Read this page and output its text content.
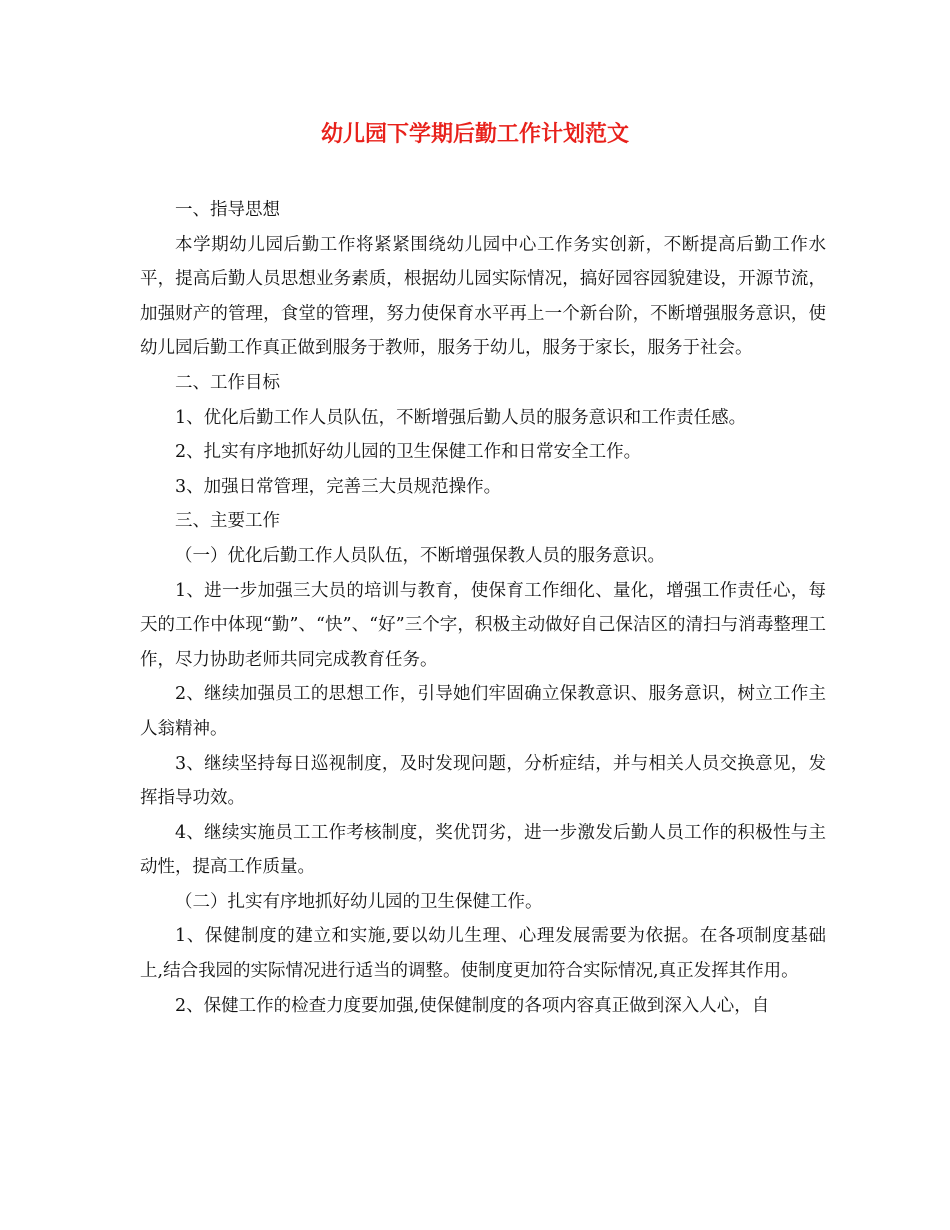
幼儿园下学期后勤工作计划范文

一、指导思想

本学期幼儿园后勤工作将紧紧围绕幼儿园中心工作务实创新，不断提高后勤工作水平，提高后勤人员思想业务素质，根据幼儿园实际情况，搞好园容园貌建设，开源节流，加强财产的管理，食堂的管理，努力使保育水平再上一个新台阶，不断增强服务意识，使幼儿园后勤工作真正做到服务于教师，服务于幼儿，服务于家长，服务于社会。

二、工作目标

1、优化后勤工作人员队伍，不断增强后勤人员的服务意识和工作责任感。

2、扎实有序地抓好幼儿园的卫生保健工作和日常安全工作。

3、加强日常管理，完善三大员规范操作。

三、主要工作

（一）优化后勤工作人员队伍，不断增强保教人员的服务意识。

1、进一步加强三大员的培训与教育，使保育工作细化、量化，增强工作责任心，每天的工作中体现“勤”、“快”、“好”三个字，积极主动做好自己保洁区的清扫与消毒整理工作，尽力协助老师共同完成教育任务。

2、继续加强员工的思想工作，引导她们牢固确立保教意识、服务意识，树立工作主人翁精神。

3、继续坚持每日巡视制度，及时发现问题，分析症结，并与相关人员交换意见，发挥指导功效。

4、继续实施员工工作考核制度，奖优罚劣，进一步激发后勤人员工作的积极性与主动性，提高工作质量。

（二）扎实有序地抓好幼儿园的卫生保健工作。

1、保健制度的建立和实施,要以幼儿生理、心理发展需要为依据。在各项制度基础上,结合我园的实际情况进行适当的调整。使制度更加符合实际情况,真正发挥其作用。

2、保健工作的检查力度要加强,使保健制度的各项内容真正做到深入人心，自
